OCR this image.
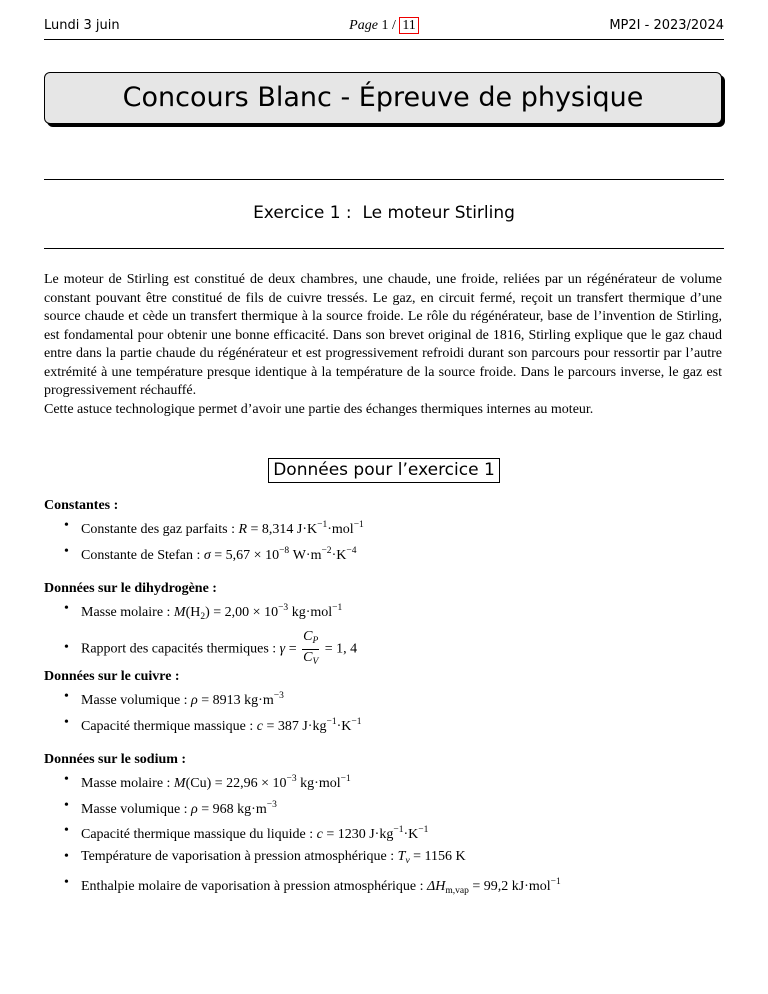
Lundi 3 juin	Page 1 / 11	MP2I - 2023/2024
Concours Blanc - Épreuve de physique
Exercice 1 : Le moteur Stirling

Le moteur de Stirling est constitué de deux chambres, une chaude, une froide, reliées par un régénérateur de volume constant pouvant être constitué de fils de cuivre tressés. Le gaz, en circuit fermé, reçoit un transfert thermique d’une source chaude et cède un transfert thermique à la source froide. Le rôle du régénérateur, base de l’invention de Stirling, est fondamental pour obtenir une bonne efficacité. Dans son brevet original de 1816, Stirling explique que le gaz chaud entre dans la partie chaude du régénérateur et est progressivement refroidi durant son parcours pour ressortir par l’autre extrémité à une température presque identique à la température de la source froide. Dans le parcours inverse, le gaz est progressivement réchauffé.

Cette astuce technologique permet d’avoir une partie des échanges thermiques internes au moteur.

Données pour l’exercice 1
Constantes :
• Constante des gaz parfaits : R = 8,314 $J\cdot K^{-1}\cdot mol^{-1}$
• Constante de Stefan : $\sigma = 5,67 \times 10^{-8}$ $W\cdot m^{-2}\cdot K^{-4}$
Données sur le dihydrogène :
• Masse molaire : $M(H_2) = 2,00 \times 10^{-3}$ kg·mol$^{-1}$
• Rapport des capacités thermiques : $\gamma = \frac{C_P}{C_V} = 1$, 4
Données sur le cuivre :
• Masse volumique : ρ = 8913 $kg\cdot m^{-3}$
• Capacité thermique massique : c = 387 $J\cdot kg^{-1}\cdot K^{-1}$
Données sur le sodium :
• Masse molaire : $M(Cu) = 22,96 \times 10^{-3}$ kg·mol$^{-1}$
• Masse volumique : ρ = 968 $kg\cdot m^{-3}$
• Capacité thermique massique du liquide : c = 1230 $J\cdot kg^{-1}\cdot K^{-1}$
• Température de vaporisation à pression atmosphérique : $T_v = 1156$ K
• Enthalpie molaire de vaporisation à pression atmosphérique : $\Delta H_{m,vap} = 99,2$ kJ·mol$^{-1}$
